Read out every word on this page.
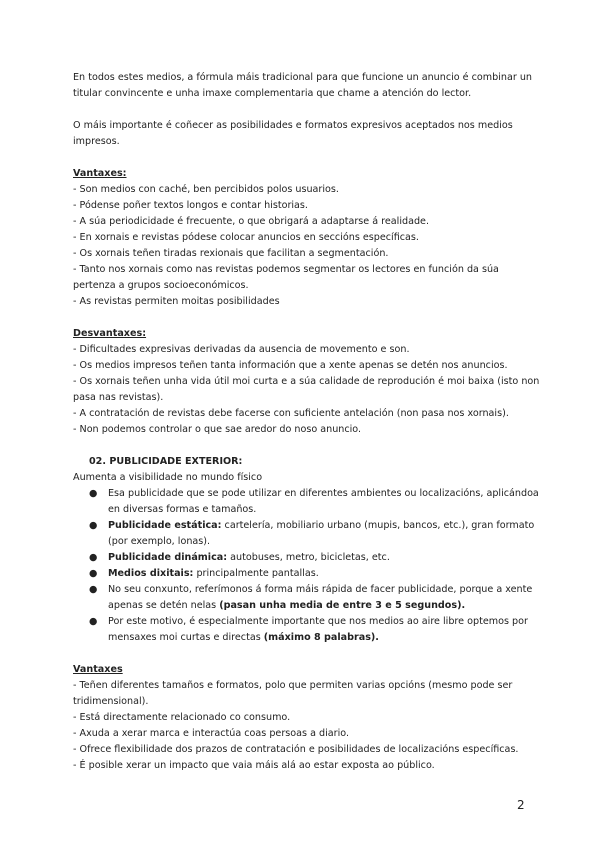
En todos estes medios, a fórmula máis tradicional para que funcione un anuncio é combinar un titular convincente e unha imaxe complementaria que chame a atención do lector.

O máis importante é coñecer as posibilidades e formatos expresivos aceptados nos medios impresos.

Vantaxes:

- Son medios con caché, ben percibidos polos usuarios.

- Pódense poñer textos longos e contar historias.

- A súa periodicidade é frecuente, o que obrigará a adaptarse á realidade.

- En xornais e revistas pódese colocar anuncios en seccións específicas.

- Os xornais teñen tiradas rexionais que facilitan a segmentación.

- Tanto nos xornais como nas revistas podemos segmentar os lectores en función da súa pertenza a grupos socioeconómicos.

- As revistas permiten moitas posibilidades

Desvantaxes:

- Dificultades expresivas derivadas da ausencia de movemento e son.

- Os medios impresos teñen tanta información que a xente apenas se detén nos anuncios.

- Os xornais teñen unha vida útil moi curta e a súa calidade de reprodución é moi baixa (isto non pasa nas revistas).

- A contratación de revistas debe facerse con suficiente antelación (non pasa nos xornais).

- Non podemos controlar o que sae aredor do noso anuncio.

02. PUBLICIDADE EXTERIOR:

Aumenta a visibilidade no mundo físico

● Esa publicidade que se pode utilizar en diferentes ambientes ou localizacións, aplicándoa en diversas formas e tamaños.
● Publicidade estática: cartelería, mobiliario urbano (mupis, bancos, etc.), gran formato (por exemplo, lonas).
● Publicidade dinámica: autobuses, metro, bicicletas, etc.
● Medios dixitais: principalmente pantallas.
● No seu conxunto, referímonos á forma máis rápida de facer publicidade, porque a xente apenas se detén nelas (pasan unha media de entre 3 e 5 segundos).
● Por este motivo, é especialmente importante que nos medios ao aire libre optemos por mensaxes moi curtas e directas (máximo 8 palabras).

Vantaxes

- Teñen diferentes tamaños e formatos, polo que permiten varias opcións (mesmo pode ser tridimensional).

- Está directamente relacionado co consumo.

- Axuda a xerar marca e interactúa coas persoas a diario.

- Ofrece flexibilidade dos prazos de contratación e posibilidades de localizacións específicas.

- É posible xerar un impacto que vaia máis alá ao estar exposta ao público.

2
